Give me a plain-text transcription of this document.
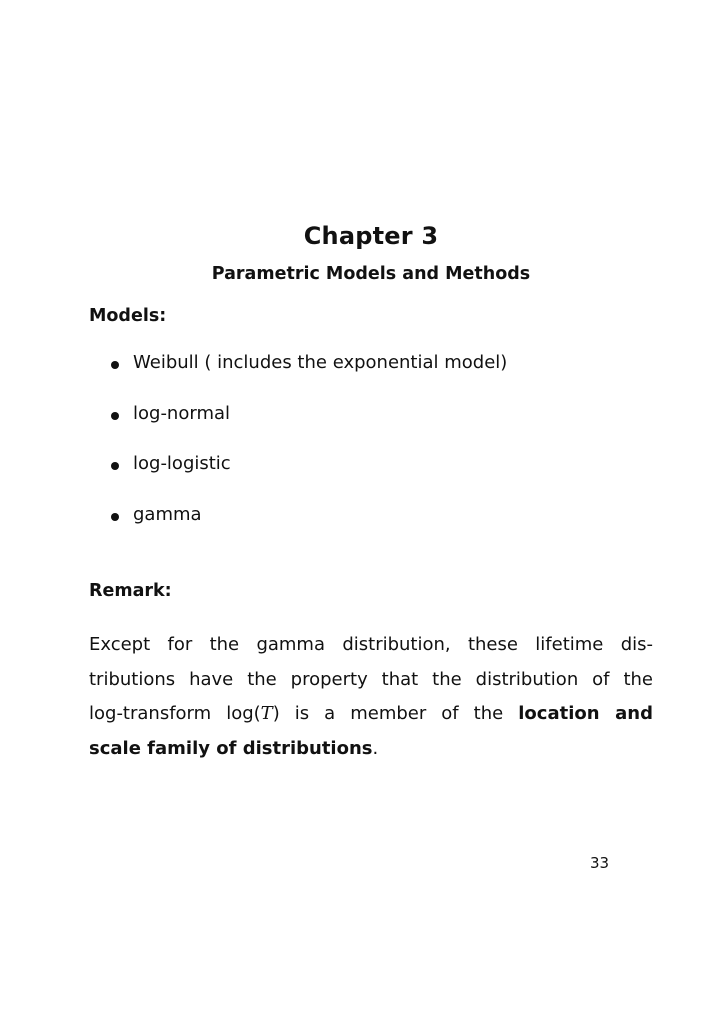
Chapter 3
Parametric Models and Methods
Models:
Weibull ( includes the exponential model)
log-normal
log-logistic
gamma
Remark:
Except for the gamma distribution, these lifetime dis-
tributions have the property that the distribution of the
log-transform log(T) is a member of the location and
scale family of distributions.
33
